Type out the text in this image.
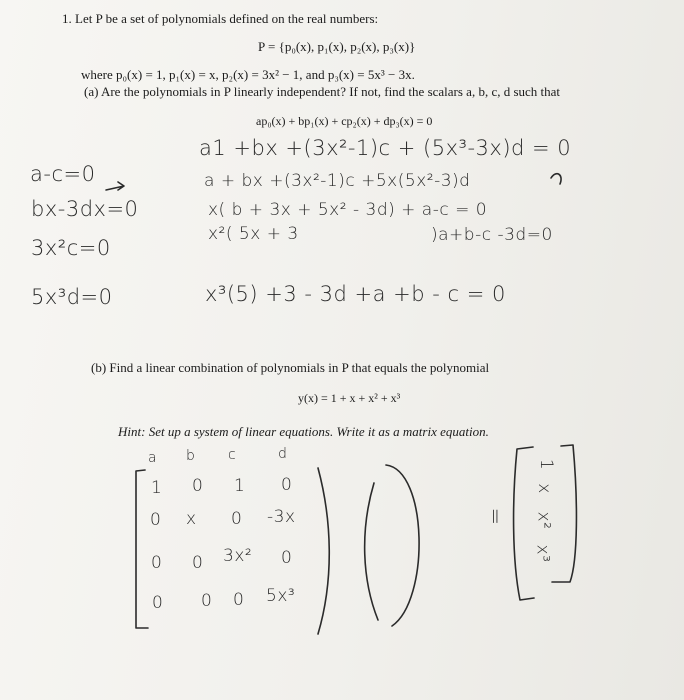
1. Let P be a set of polynomials defined on the real numbers:
P = {p₀(x), p₁(x), p₂(x), p₃(x)}
where p₀(x) = 1, p₁(x) = x, p₂(x) = 3x² − 1, and p₃(x) = 5x³ − 3x.
(a) Are the polynomials in P linearly independent? If not, find the scalars a, b, c, d such that
ap₀(x) + bp₁(x) + cp₂(x) + dp₃(x) = 0
(b) Find a linear combination of polynomials in P that equals the polynomial
y(x) = 1 + x + x² + x³
Hint: Set up a system of linear equations. Write it as a matrix equation.
a-c=0
bx-3dx=0
3x²c=0
5x³d=0
a1 +bx +(3x²-1)c + (5x³-3x)d = 0
a + bx +(3x²-1)c +5x(5x²-3)d
x( b + 3x + 5x² - 3d) + a-c = 0
x²( 5x + 3	)a+b-c -3d=0
x³(5) +3 - 3d +a +b - c = 0
a b c	d
1 0 1 0
0 x 0 -3x
0 0 3x² 0
0 0 0 5x³
=
1
x
x²
x³
